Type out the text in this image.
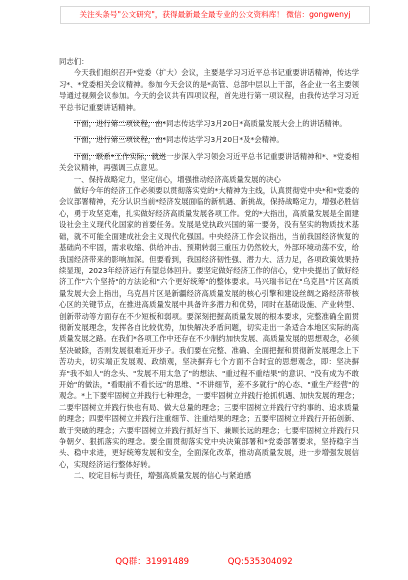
关注头条号"公文研究"，获得最新最全最专业的公文资料库！ 微信：gongwenyj

同志们：

今天我们组织召开*党委（扩大）会议，主要是学习习近平总书记重要讲话精神，传达学习*、*党委相关会议精神。参加今天会议的是*高管、总部中层以上干部，各企业一名主要领导通过视频会议参加。今天的会议共有四项议程，首先进行第一项议程，由我传达学习习近平总书记重要讲话精神。

下面，进行第二项议程，由*同志传达学习3月20日*高质量发展大会上的讲话精神。

下面，进行第三项议程，由*同志传达学习3月20日*及*会精神。

下面，联系*工作实际，就进一步深入学习领会习近平总书记重要讲话精神和*、*党委相关会议精神，再强调三点意见。

一、保持战略定力，坚定信心，增强推动经济高质量发展的决心

做好今年的经济工作必须要以贯彻落实党的*大精神为主线，认真贯彻党中央*和*党委的会议部署精神，充分认识当前*经济发展面临的新机遇、新挑战，保持战略定力，增强必胜信心，勇于攻坚克难，扎实做好经济高质量发展各项工作。党的*大指出，高质量发展是全面建设社会主义现代化国家的首要任务。发展是党执政兴国的第一要务，没有坚实的物质技术基础，就不可能全面建成社会主义现代化强国。中央经济工作会议指出，当前我国经济恢复的基础尚不牢固，需求收缩、供给冲击、预期转弱三重压力仍然较大，外部环境动荡不安，给我国经济带来的影响加深。但要看到，我国经济韧性强、潜力大、活力足，各项政策效果持续显现，2023年经济运行有望总体回升。要坚定做好经济工作的信心，党中央提出了做好经济工作"六个坚持"的方法论和"六个更好统筹"的整体要求。马兴瑞书记在"乌克昌"片区高质量发展大会上指出，乌克昌片区是新疆经济高质量发展的核心引擎和建设丝绸之路经济带核心区的关键节点，在推进高质量发展中具备许多潜力和优势，同时在基础设施、产业转型、创新带动等方面存在不少短板和弱项。要深刻把握高质量发展的根本要求，完整准确全面贯彻新发展理念，发挥各自比较优势，加快解决矛盾问题，切实走出一条适合本地区实际的高质量发展之路。在我们*各项工作中还存在不少制约加快发展、高质量发展的思想观念，必须坚决破除，否则发展很难近开步子。我们要在完整、准确、全面把握和贯彻新发展理念上下苦功夫，切实端正发展观、政绩观，坚决摒弃七个方面不合时宜的思想观念，即：坚决摒弃"我不如人"的念头、"发展不用太急了"的想法、"重过程不重结果"的意识、"没有成为不敢开始"的做法，"看眼前不看长远"的思维、"不讲细节，差不多就行"的心态、"重生产经营"的观念。*上下要牢固树立并践行七种理念，一要牢固树立并践行抢抓机遇、加快发展的理念；二要牢固树立并践行快也有局、做大总量的理念；三要牢固树立并践行守约事的、追求质量的理念；四要牢固树立并践行注重细节、注重结果的理念；五要牢固树立并践行开拓创新、敢于突破的理念；六要牢固树立并践行抓好当下、兼顾长远的理念；七要牢固树立并践行只争朝夕、狠抓落实的理念。要全面贯彻落实党中央决策部署和*党委部署要求，坚持稳字当头、稳中求进，更好统筹发展和安全，全面深化改革，推动高质量发展，进一步增强发展信心，实现经济运行整体好转。

二、咬定目标与责任，增强高质量发展的信心与紧迫感

QQ群：31991489	QQ:535304092
